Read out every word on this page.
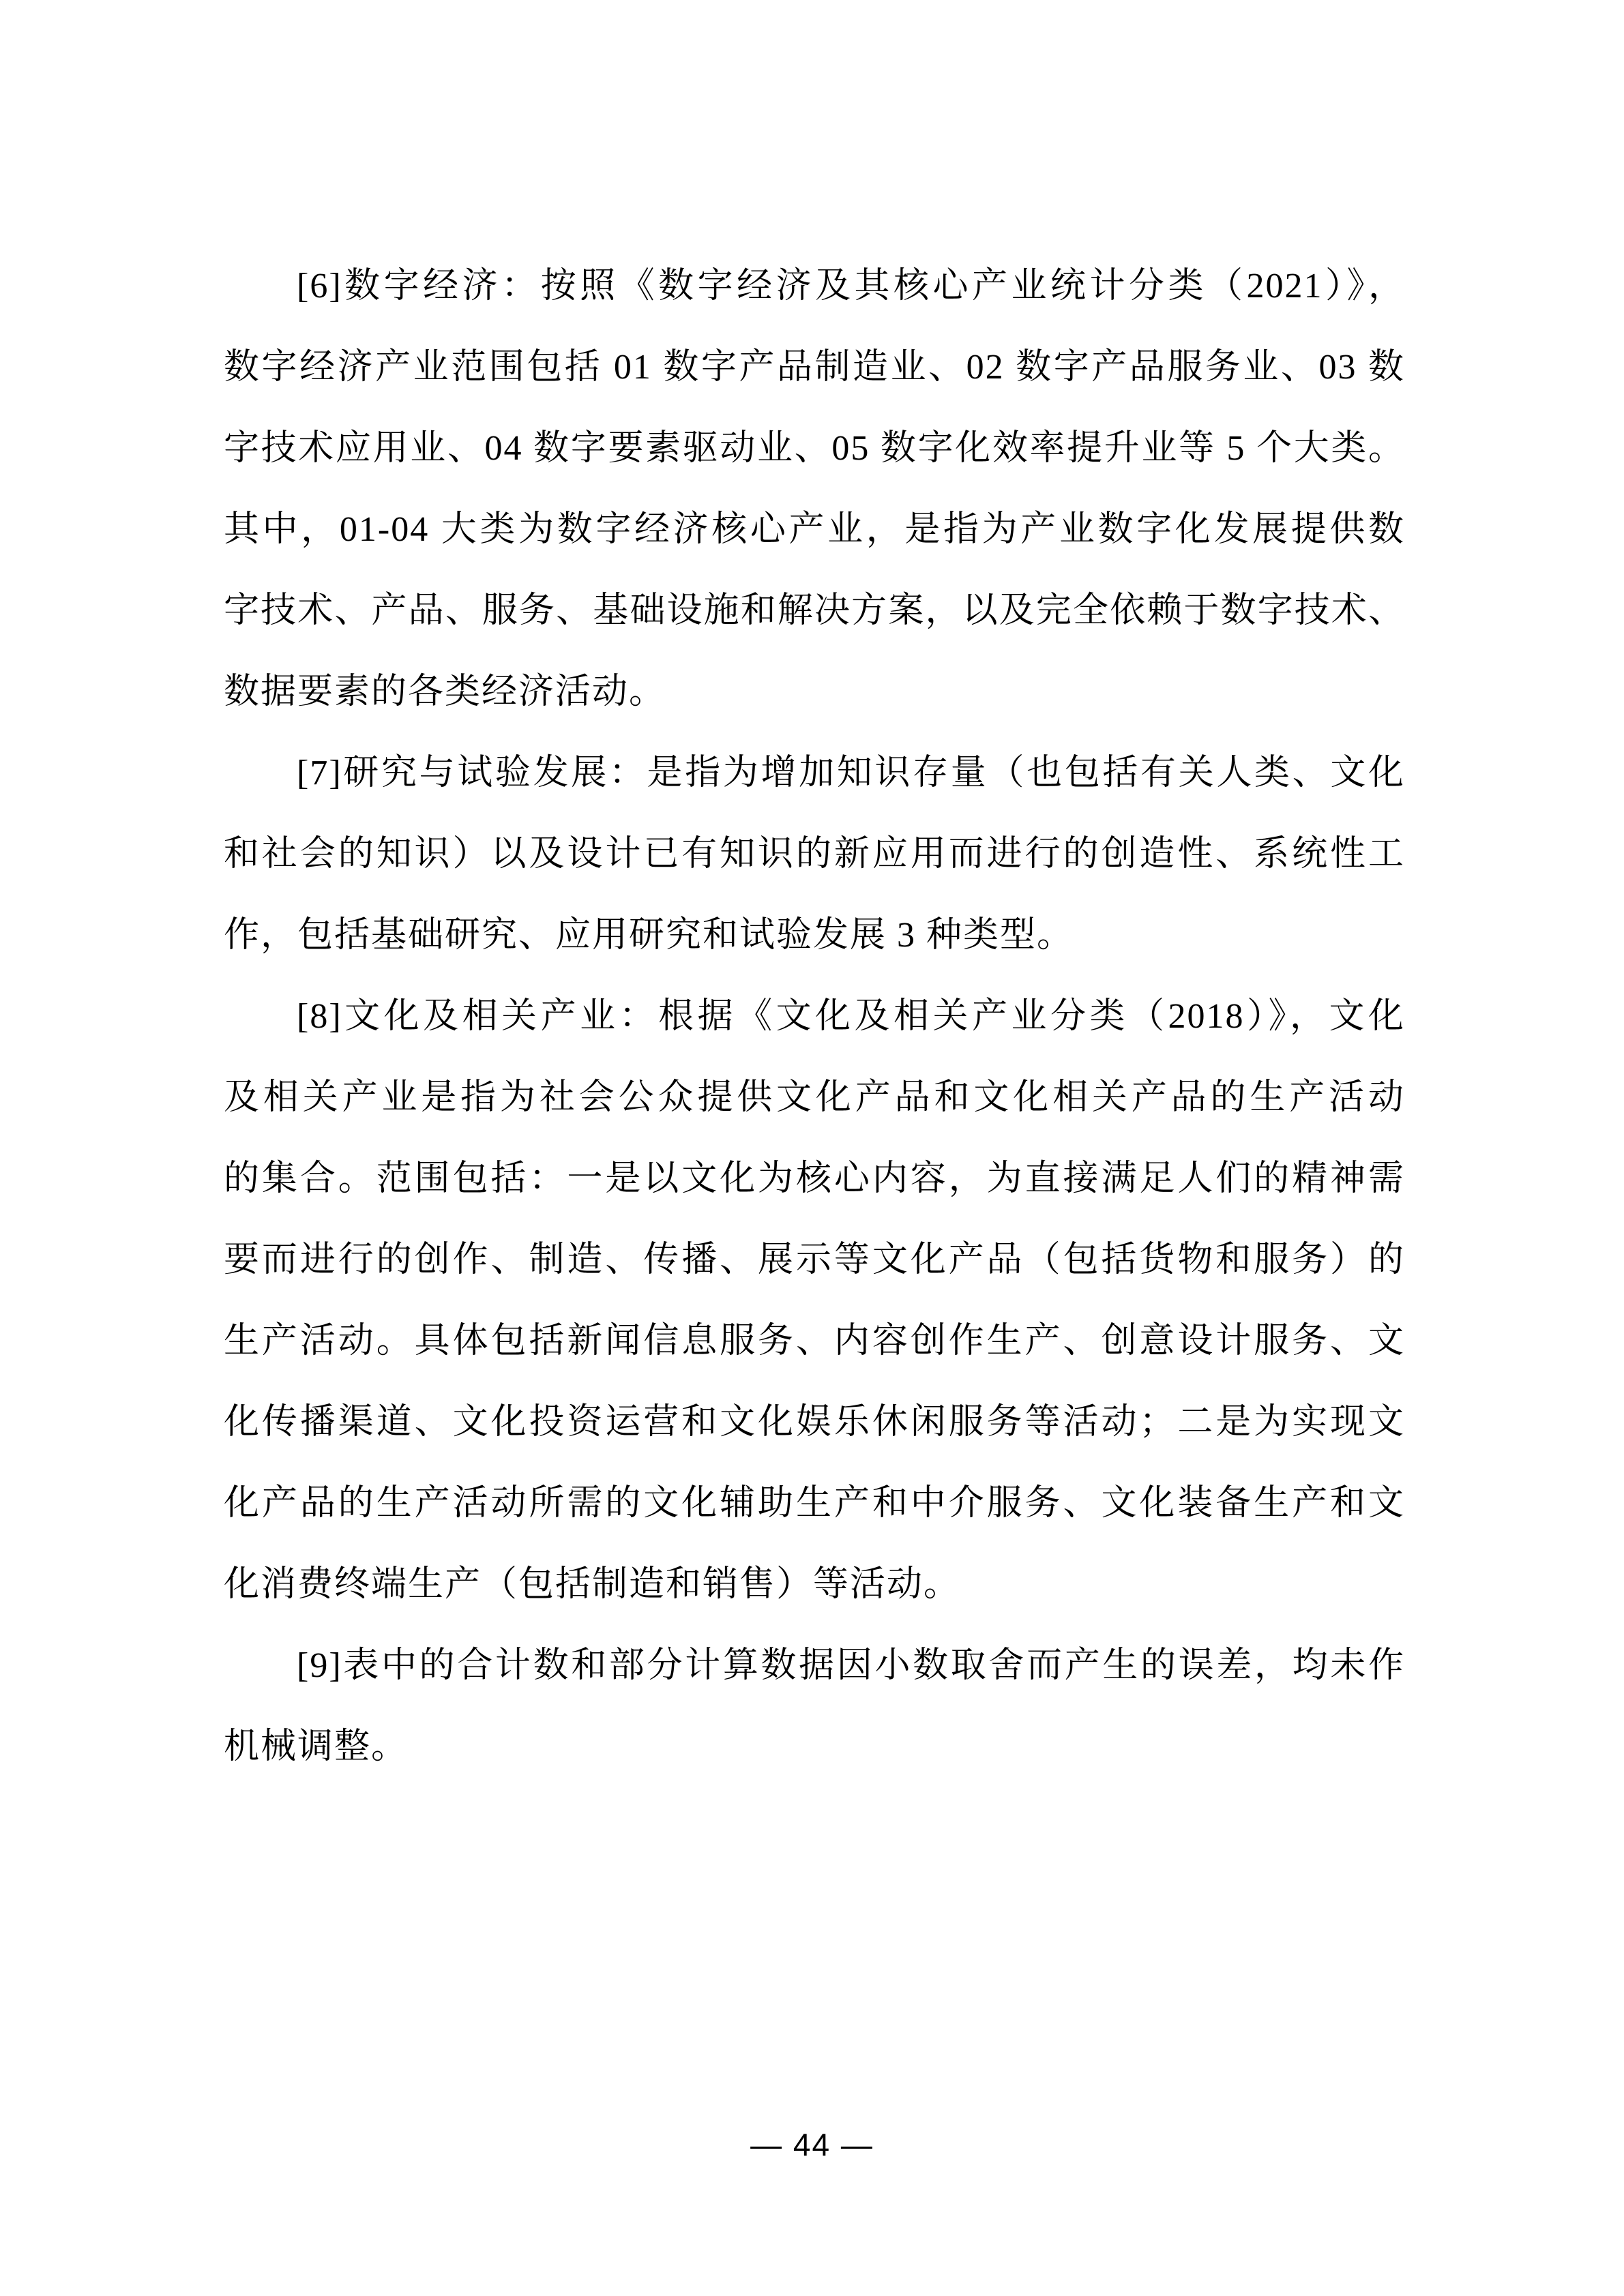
[6]数字经济：按照《数字经济及其核心产业统计分类（2021）》，
数字经济产业范围包括 01 数字产品制造业、02 数字产品服务业、03 数
字技术应用业、04 数字要素驱动业、05 数字化效率提升业等 5 个大类。
其中，01-04 大类为数字经济核心产业，是指为产业数字化发展提供数
字技术、产品、服务、基础设施和解决方案，以及完全依赖于数字技术、
数据要素的各类经济活动。
[7]研究与试验发展：是指为增加知识存量（也包括有关人类、文化
和社会的知识）以及设计已有知识的新应用而进行的创造性、系统性工
作，包括基础研究、应用研究和试验发展 3 种类型。
[8]文化及相关产业：根据《文化及相关产业分类（2018）》，文化
及相关产业是指为社会公众提供文化产品和文化相关产品的生产活动
的集合。范围包括：一是以文化为核心内容，为直接满足人们的精神需
要而进行的创作、制造、传播、展示等文化产品（包括货物和服务）的
生产活动。具体包括新闻信息服务、内容创作生产、创意设计服务、文
化传播渠道、文化投资运营和文化娱乐休闲服务等活动；二是为实现文
化产品的生产活动所需的文化辅助生产和中介服务、文化装备生产和文
化消费终端生产（包括制造和销售）等活动。
[9]表中的合计数和部分计算数据因小数取舍而产生的误差，均未作
机械调整。
— 44 —
